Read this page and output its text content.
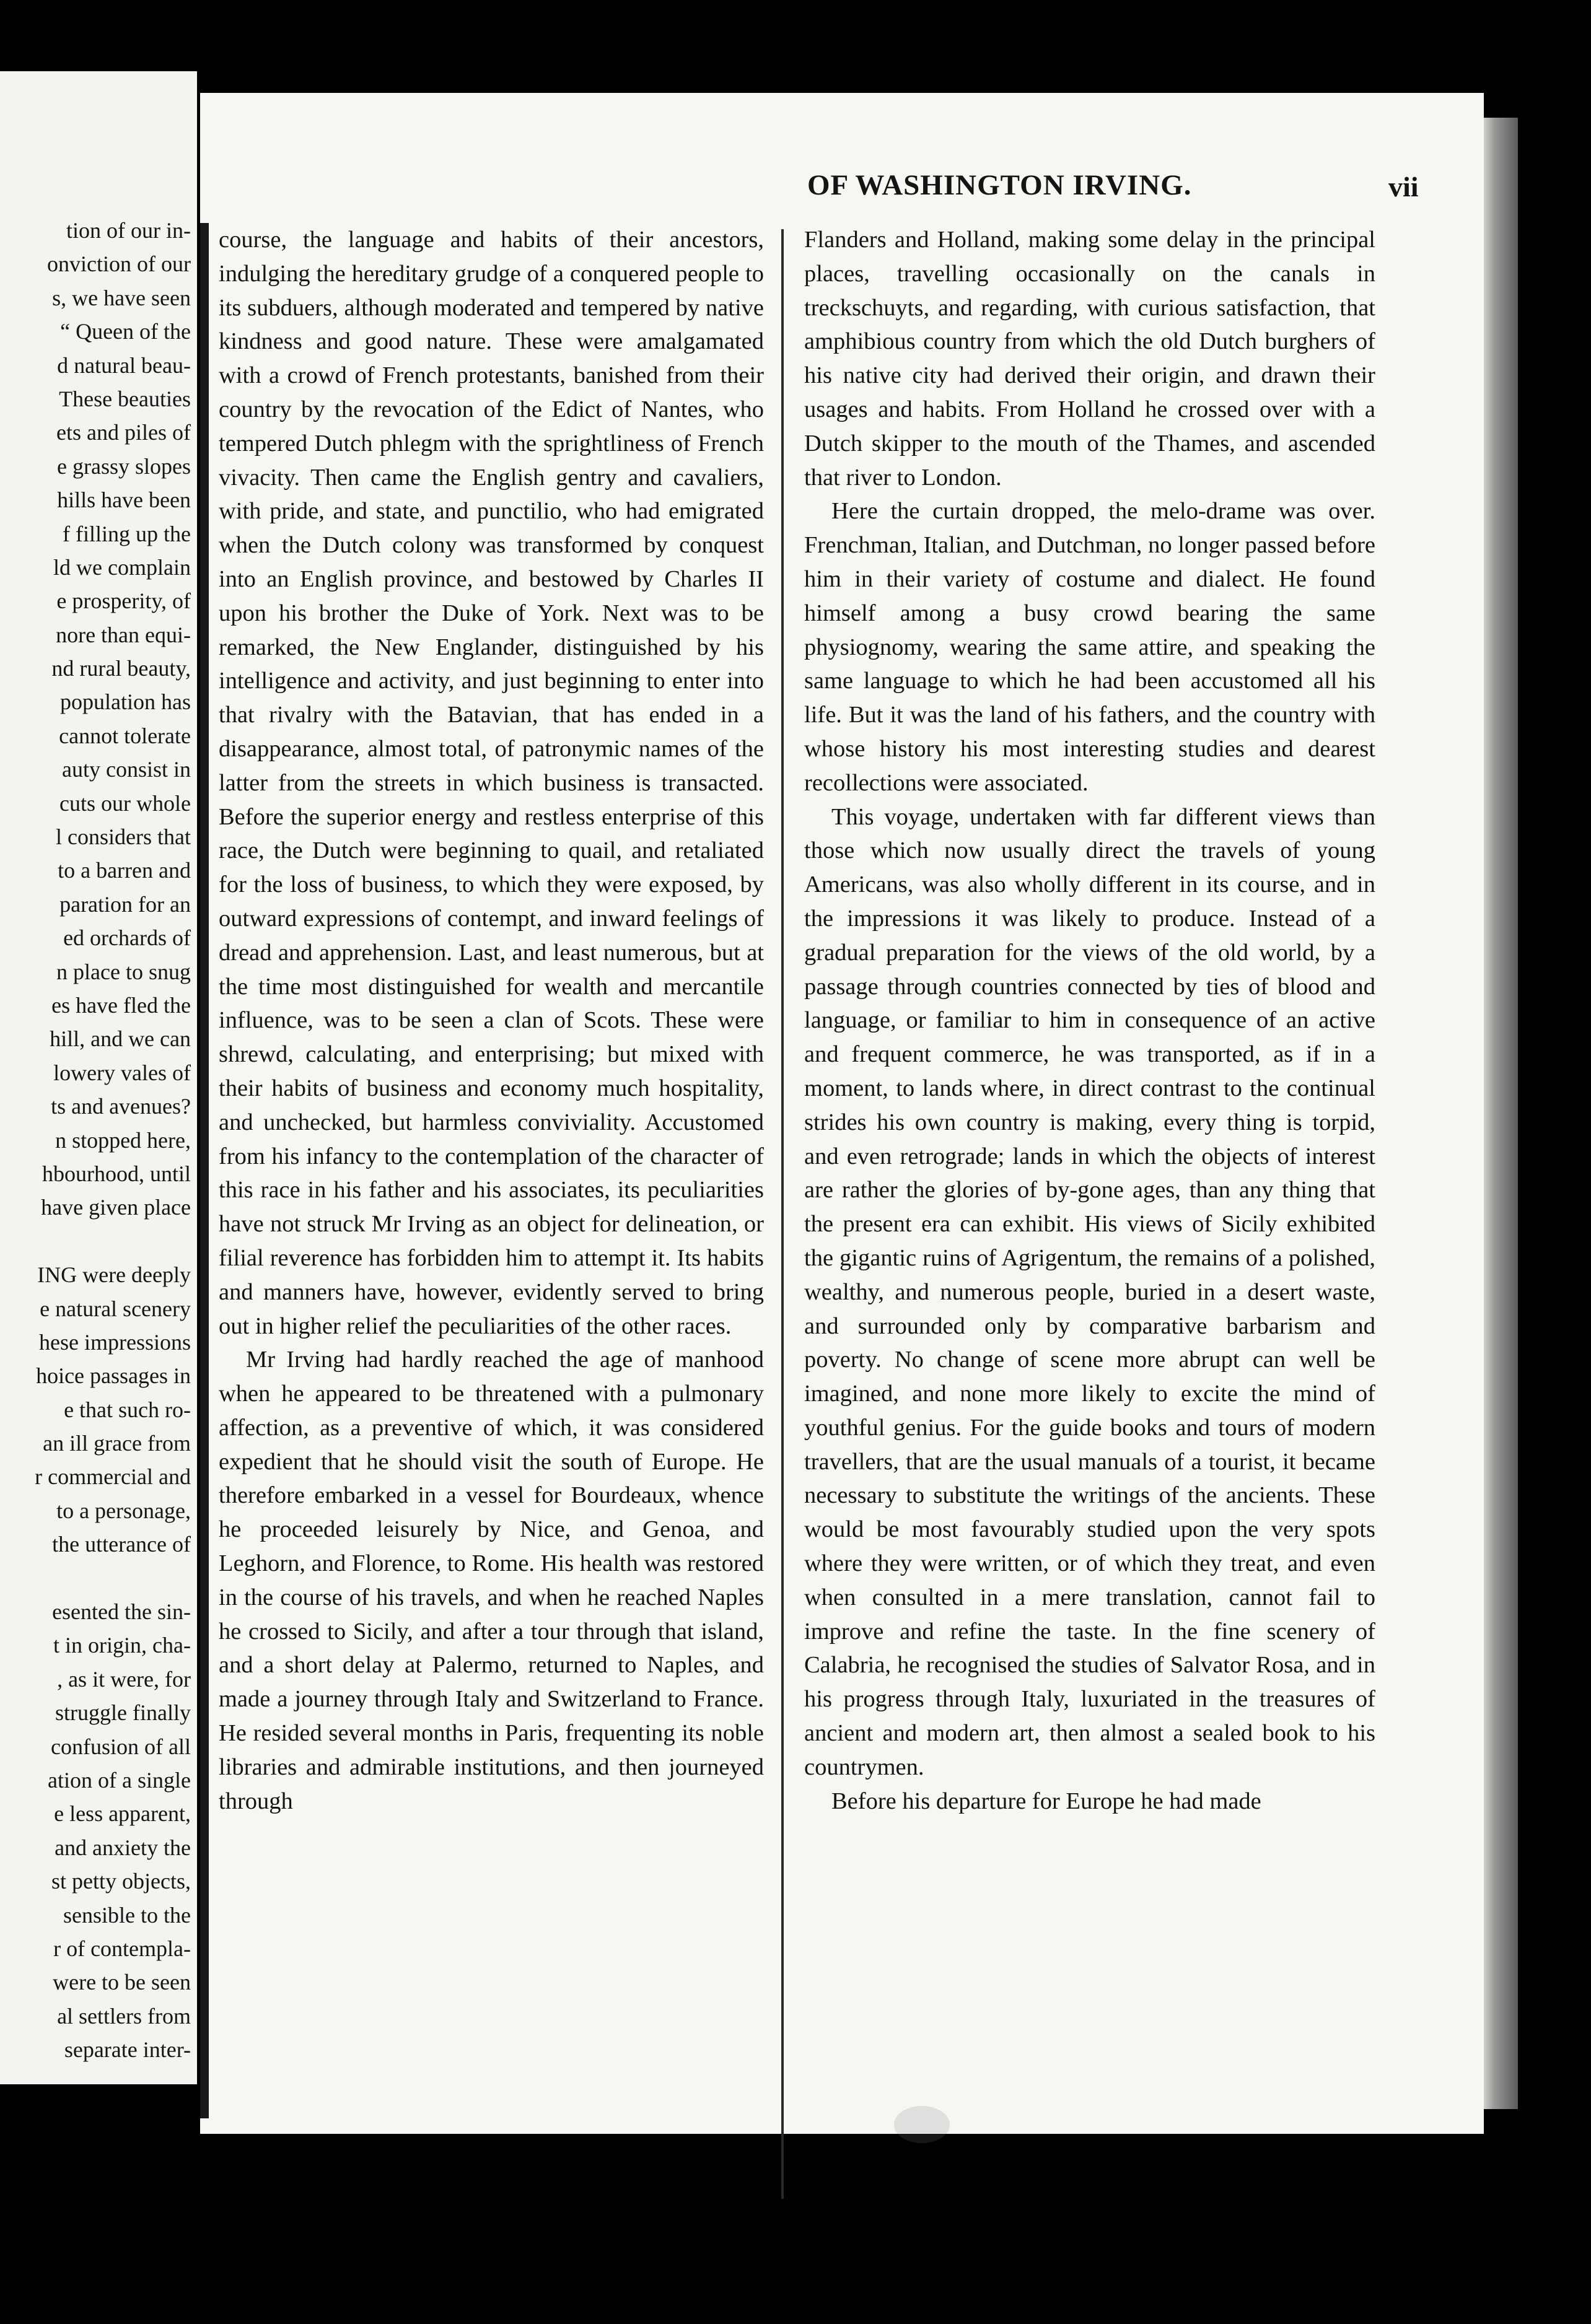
tion of our in-
onviction of our
s, we have seen
“ Queen of the
d natural beau-
These beauties
ets and piles of
e grassy slopes
hills have been
f filling up the
ld we complain
e prosperity, of
nore than equi-
nd rural beauty,
population has
cannot tolerate
auty consist in
cuts our whole
l considers that
to a barren and
paration for an
ed orchards of
n place to snug
es have fled the
hill, and we can
lowery vales of
ts and avenues?
n stopped here,
hbourhood, until
have given place
ING were deeply
e natural scenery
hese impressions
hoice passages in
e that such ro-
an ill grace from
r commercial and
to a personage,
the utterance of
esented the sin-
t in origin, cha-
, as it were, for
struggle finally
confusion of all
ation of a single
e less apparent,
and anxiety the
st petty objects,
sensible to the
r of contempla-
were to be seen
al settlers from
separate inter-
OF WASHINGTON IRVING.	vii

course, the language and habits of their ancestors, indulging the hereditary grudge of a conquered people to its subduers, although moderated and tempered by native kindness and good nature. These were amalgamated with a crowd of French protestants, banished from their country by the revocation of the Edict of Nantes, who tempered Dutch phlegm with the sprightliness of French vivacity. Then came the English gentry and cavaliers, with pride, and state, and punctilio, who had emigrated when the Dutch colony was transformed by conquest into an English province, and bestowed by Charles II upon his brother the Duke of York. Next was to be remarked, the New Englander, distinguished by his intelligence and activity, and just beginning to enter into that rivalry with the Batavian, that has ended in a disappearance, almost total, of patronymic names of the latter from the streets in which business is transacted. Before the superior energy and restless enterprise of this race, the Dutch were beginning to quail, and retaliated for the loss of business, to which they were exposed, by outward expressions of contempt, and inward feelings of dread and apprehension. Last, and least numerous, but at the time most distinguished for wealth and mercantile influence, was to be seen a clan of Scots. These were shrewd, calculating, and enterprising; but mixed with their habits of business and economy much hospitality, and unchecked, but harmless conviviality. Accustomed from his infancy to the contemplation of the character of this race in his father and his associates, its peculiarities have not struck Mr Irving as an object for delineation, or filial reverence has forbidden him to attempt it. Its habits and manners have, however, evidently served to bring out in higher relief the peculiarities of the other races.

Mr Irving had hardly reached the age of manhood when he appeared to be threatened with a pulmonary affection, as a preventive of which, it was considered expedient that he should visit the south of Europe. He therefore embarked in a vessel for Bourdeaux, whence he proceeded leisurely by Nice, and Genoa, and Leghorn, and Florence, to Rome. His health was restored in the course of his travels, and when he reached Naples he crossed to Sicily, and after a tour through that island, and a short delay at Palermo, returned to Naples, and made a journey through Italy and Switzerland to France. He resided several months in Paris, frequenting its noble libraries and admirable institutions, and then journeyed through

Flanders and Holland, making some delay in the principal places, travelling occasionally on the canals in treckschuyts, and regarding, with curious satisfaction, that amphibious country from which the old Dutch burghers of his native city had derived their origin, and drawn their usages and habits. From Holland he crossed over with a Dutch skipper to the mouth of the Thames, and ascended that river to London.

Here the curtain dropped, the melo-drame was over. Frenchman, Italian, and Dutchman, no longer passed before him in their variety of costume and dialect. He found himself among a busy crowd bearing the same physiognomy, wearing the same attire, and speaking the same language to which he had been accustomed all his life. But it was the land of his fathers, and the country with whose history his most interesting studies and dearest recollections were associated.

This voyage, undertaken with far different views than those which now usually direct the travels of young Americans, was also wholly different in its course, and in the impressions it was likely to produce. Instead of a gradual preparation for the views of the old world, by a passage through countries connected by ties of blood and language, or familiar to him in consequence of an active and frequent commerce, he was transported, as if in a moment, to lands where, in direct contrast to the continual strides his own country is making, every thing is torpid, and even retrograde; lands in which the objects of interest are rather the glories of by-gone ages, than any thing that the present era can exhibit. His views of Sicily exhibited the gigantic ruins of Agrigentum, the remains of a polished, wealthy, and numerous people, buried in a desert waste, and surrounded only by comparative barbarism and poverty. No change of scene more abrupt can well be imagined, and none more likely to excite the mind of youthful genius. For the guide books and tours of modern travellers, that are the usual manuals of a tourist, it became necessary to substitute the writings of the ancients. These would be most favourably studied upon the very spots where they were written, or of which they treat, and even when consulted in a mere translation, cannot fail to improve and refine the taste. In the fine scenery of Calabria, he recognised the studies of Salvator Rosa, and in his progress through Italy, luxuriated in the treasures of ancient and modern art, then almost a sealed book to his countrymen.

Before his departure for Europe he had made
